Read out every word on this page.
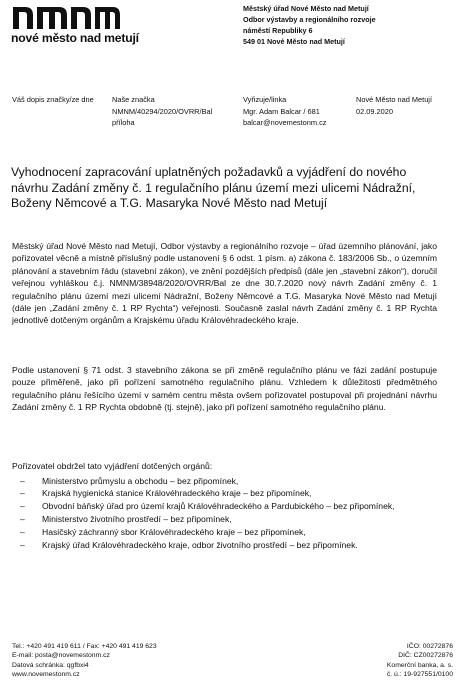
nové město nad metují
Městský úřad Nové Město nad Metují
Odbor výstavby a regionálního rozvoje
náměstí Republiky 6
549 01 Nové Město nad Metují
Váš dopis značky/ze dne Naše značka
NMNM/40294/2020/OVRR/Bal
příloha
Vyřizuje/linka
Mgr. Adam Balcar / 681
balcar@novemestonm.cz
Nové Město nad Metují
02.09.2020
Vyhodnocení zapracování uplatněných požadavků a vyjádření do nového návrhu Zadání změny č. 1 regulačního plánu území mezi ulicemi Nádražní, Boženy Němcové a T.G. Masaryka Nové Město nad Metují
Městský úřad Nové Město nad Metují, Odbor výstavby a regionálního rozvoje – úřad územního plánování, jako pořizovatel věcně a místně příslušný podle ustanovení § 6 odst. 1 písm. a) zákona č. 183/2006 Sb., o územním plánování a stavebním řádu (stavební zákon), ve znění pozdějších předpisů (dále jen „stavební zákon“), doručil veřejnou vyhláškou č.j. NMNM/38948/2020/OVRR/Bal ze dne 30.7.2020 nový návrh Zadání změny č. 1 regulačního plánu území mezi ulicemi Nádražní, Boženy Němcové a T.G. Masaryka Nové Město nad Metují (dále jen „Zadání změny č. 1 RP Rychta“) veřejnosti. Současně zaslal návrh Zadání změny č. 1 RP Rychta jednotlivě dotčeným orgánům a Krajskému úřadu Královéhradeckého kraje.
Podle ustanovení § 71 odst. 3 stavebního zákona se při změně regulačního plánu ve fázi zadání postupuje pouze přiměřeně, jako při pořízení samotného regulačního plánu. Vzhledem k důležitosti předmětného regulačního plánu řešícího území v samém centru města ovšem pořizovatel postupoval při projednání návrhu Zadání změny č. 1 RP Rychta obdobně (tj. stejně), jako při pořízení samotného regulačního plánu.
Pořizovatel obdržel tato vyjádření dotčených orgánů:
– Ministerstvo průmyslu a obchodu – bez připomínek,
– Krajská hygienická stanice Královéhradeckého kraje – bez připomínek,
– Obvodní báňský úřad pro území krajů Královéhradeckého a Pardubického – bez připomínek,
– Ministerstvo životního prostředí – bez připomínek,
– Hasičský záchranný sbor Královéhradeckého kraje – bez připomínek,
– Krajský úřad Královéhradeckého kraje, odbor životního prostředí – bez připomínek.
Tel.: +420 491 419 611 / Fax: +420 491 419 623
E-mail: posta@novemestonm.cz
Datová schránka: qgfbxi4
www.novemestonm.cz
IČO: 00272876
DIČ: CZ00272876
Komerční banka, a. s.
č. ú.: 19-927551/0100
